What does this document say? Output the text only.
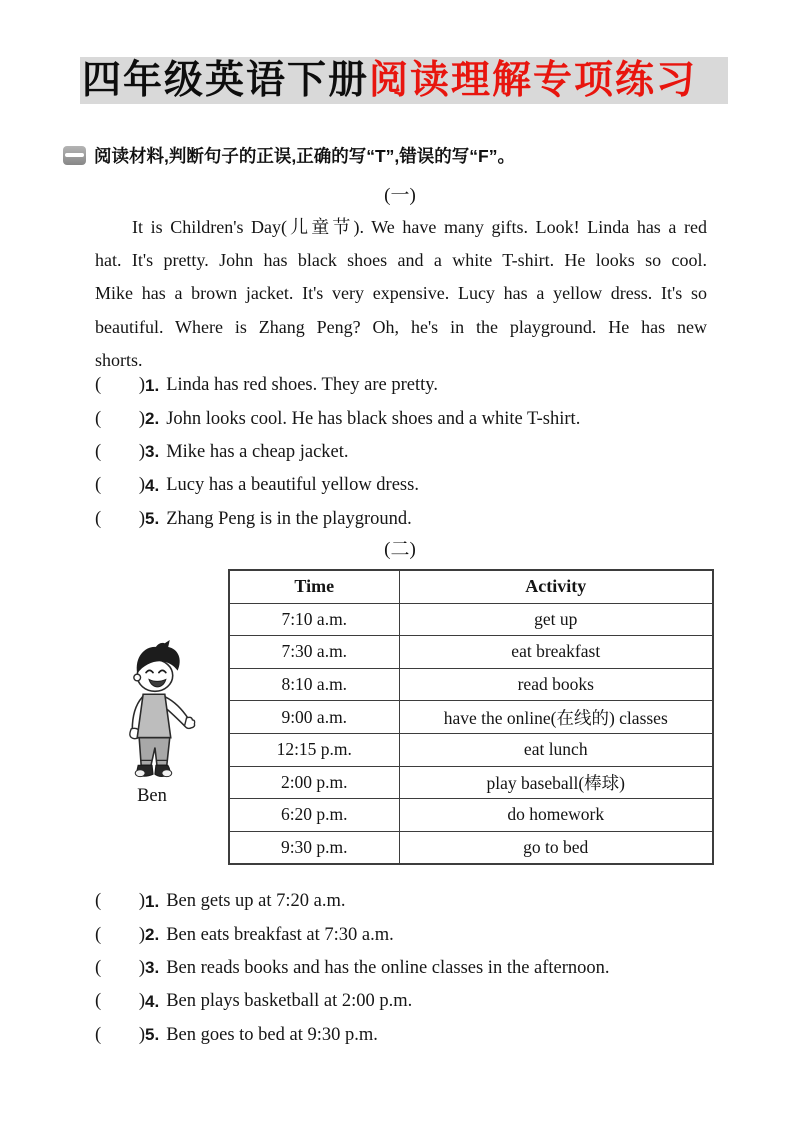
四年级英语下册阅读理解专项练习
阅读材料,判断句子的正误,正确的写“T”,错误的写“F”。
(一)
It is Children's Day(儿童节). We have many gifts. Look! Linda has a red
hat. It's pretty. John has black shoes and a white T-shirt. He looks so cool.
Mike has a brown jacket. It's very expensive. Lucy has a yellow dress. It's so
beautiful. Where is Zhang Peng? Oh, he's in the playground. He has new
shorts.
( ) 1. Linda has red shoes. They are pretty.
( ) 2. John looks cool. He has black shoes and a white T-shirt.
( ) 3. Mike has a cheap jacket.
( ) 4. Lucy has a beautiful yellow dress.
( ) 5. Zhang Peng is in the playground.
(二)
Ben
Time	Activity
7:10 a.m.	get up
7:30 a.m.	eat breakfast
8:10 a.m.	read books
9:00 a.m.	have the online(在线的) classes
12:15 p.m.	eat lunch
2:00 p.m.	play baseball(棒球)
6:20 p.m.	do homework
9:30 p.m.	go to bed
( ) 1. Ben gets up at 7:20 a.m.
( ) 2. Ben eats breakfast at 7:30 a.m.
( ) 3. Ben reads books and has the online classes in the afternoon.
( ) 4. Ben plays basketball at 2:00 p.m.
( ) 5. Ben goes to bed at 9:30 p.m.
